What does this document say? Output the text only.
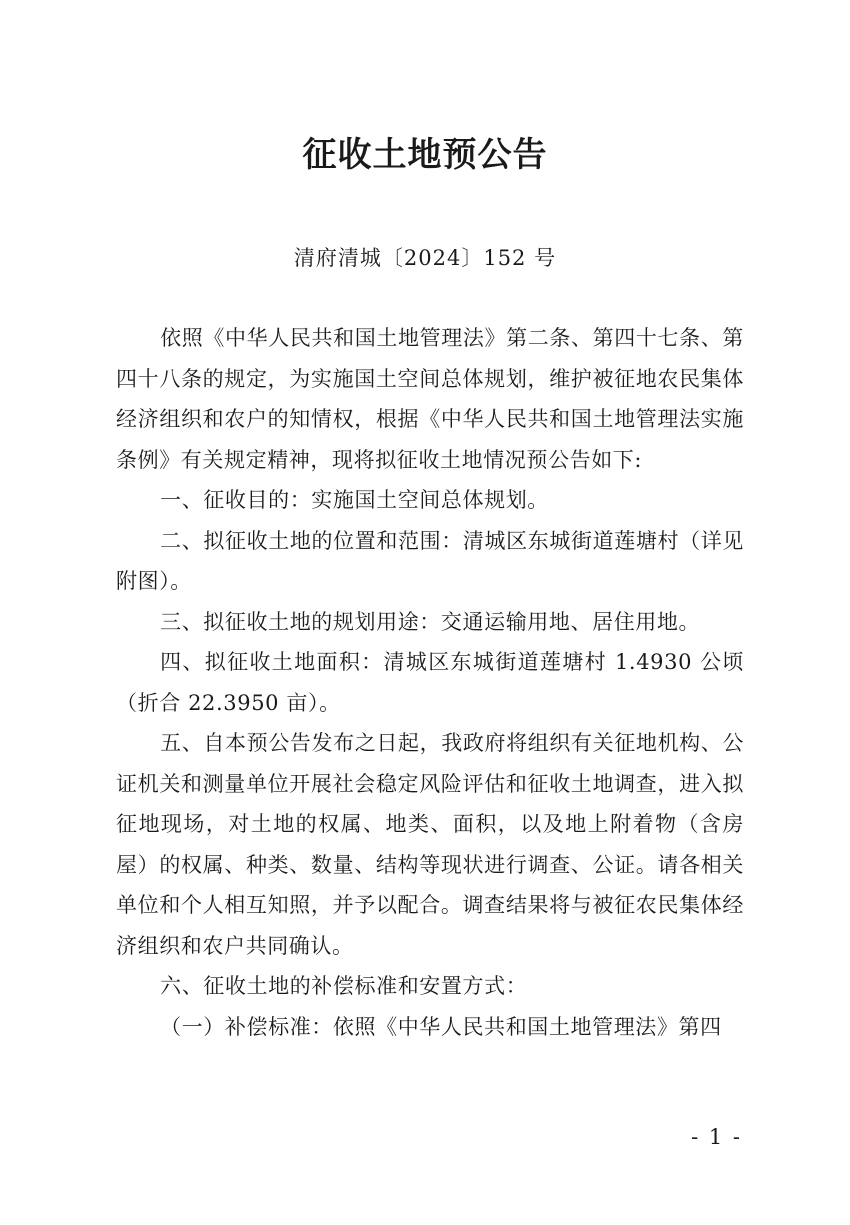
征收土地预公告
清府清城〔2024〕152 号

依照《中华人民共和国土地管理法》第二条、第四十七条、第四十八条的规定，为实施国土空间总体规划，维护被征地农民集体经济组织和农户的知情权，根据《中华人民共和国土地管理法实施条例》有关规定精神，现将拟征收土地情况预公告如下:

一、征收目的：实施国土空间总体规划。

二、拟征收土地的位置和范围：清城区东城街道莲塘村（详见附图）。

三、拟征收土地的规划用途：交通运输用地、居住用地。

四、拟征收土地面积：清城区东城街道莲塘村 1.4930 公顷（折合 22.3950 亩）。

五、自本预公告发布之日起，我政府将组织有关征地机构、公证机关和测量单位开展社会稳定风险评估和征收土地调查，进入拟征地现场，对土地的权属、地类、面积，以及地上附着物（含房屋）的权属、种类、数量、结构等现状进行调查、公证。请各相关单位和个人相互知照，并予以配合。调查结果将与被征农民集体经济组织和农户共同确认。

六、征收土地的补偿标准和安置方式：

（一）补偿标准：依照《中华人民共和国土地管理法》第四

- 1 -
